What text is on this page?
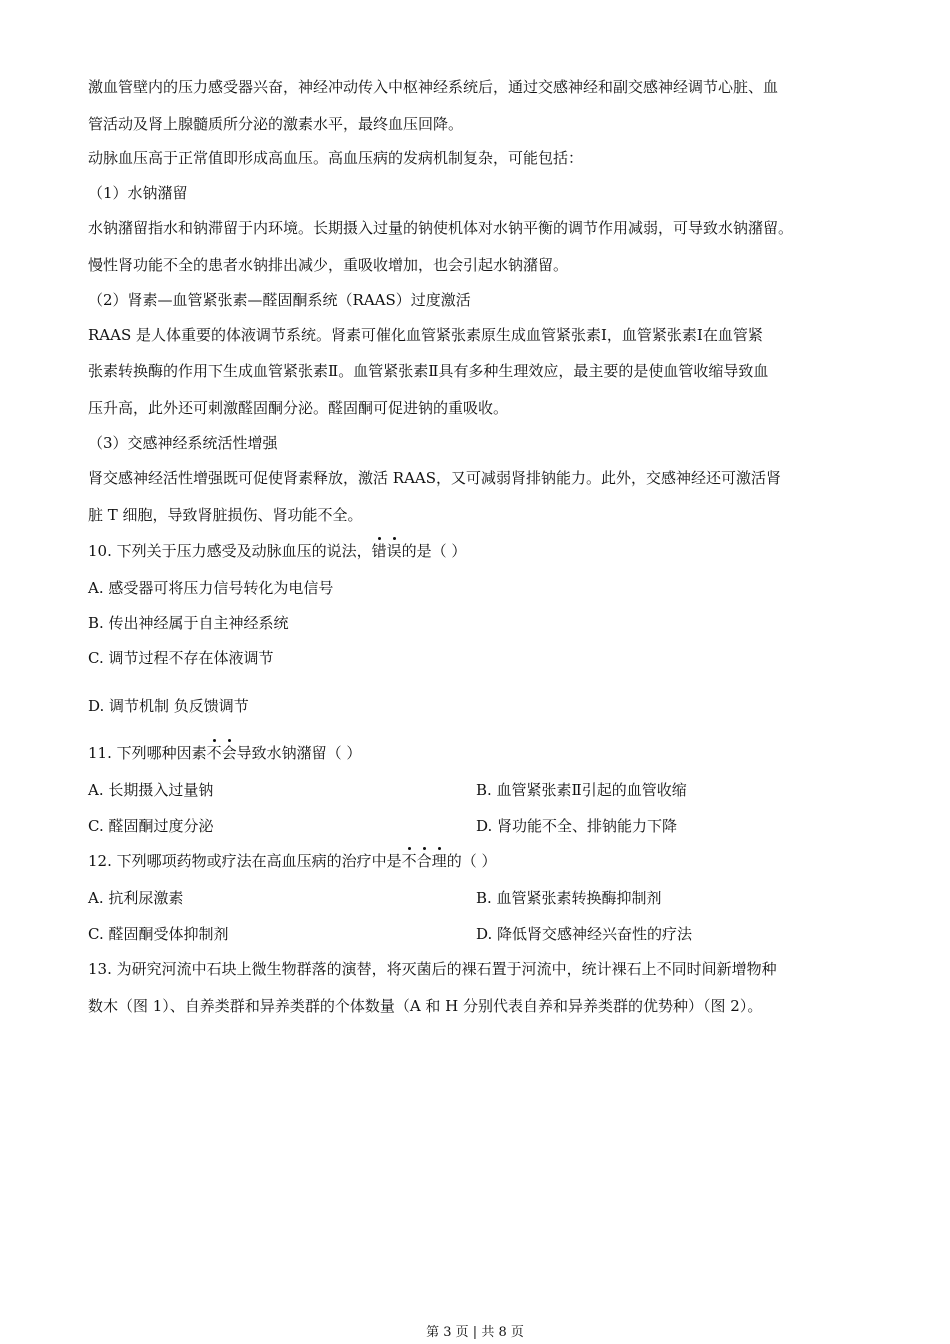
激血管壁内的压力感受器兴奋，神经冲动传入中枢神经系统后，通过交感神经和副交感神经调节心脏、血
管活动及肾上腺髓质所分泌的激素水平，最终血压回降。
动脉血压高于正常值即形成高血压。高血压病的发病机制复杂，可能包括：
（1）水钠潴留
水钠潴留指水和钠滞留于内环境。长期摄入过量的钠使机体对水钠平衡的调节作用减弱，可导致水钠潴留。
慢性肾功能不全的患者水钠排出减少，重吸收增加，也会引起水钠潴留。
（2）肾素—血管紧张素—醛固酮系统（RAAS）过度激活
RAAS 是人体重要的体液调节系统。肾素可催化血管紧张素原生成血管紧张素Ⅰ，血管紧张素Ⅰ在血管紧
张素转换酶的作用下生成血管紧张素Ⅱ。血管紧张素Ⅱ具有多种生理效应，最主要的是使血管收缩导致血
压升高，此外还可刺激醛固酮分泌。醛固酮可促进钠的重吸收。
（3）交感神经系统活性增强
肾交感神经活性增强既可促使肾素释放，激活 RAAS，又可减弱肾排钠能力。此外，交感神经还可激活肾
脏 T 细胞，导致肾脏损伤、肾功能不全。
10. 下列关于压力感受及动脉血压的说法，错误的是（ ）
A. 感受器可将压力信号转化为电信号
B. 传出神经属于自主神经系统
C. 调节过程不存在体液调节
D. 调节机制 负反馈调节
11. 下列哪种因素不会导致水钠潴留（ ）
A. 长期摄入过量钠	B. 血管紧张素Ⅱ引起的血管收缩
C. 醛固酮过度分泌	D. 肾功能不全、排钠能力下降
12. 下列哪项药物或疗法在高血压病的治疗中是不合理的（ ）
A. 抗利尿激素	B. 血管紧张素转换酶抑制剂
C. 醛固酮受体抑制剂	D. 降低肾交感神经兴奋性的疗法
13. 为研究河流中石块上微生物群落的演替，将灭菌后的裸石置于河流中，统计裸石上不同时间新增物种
数木（图 1）、自养类群和异养类群的个体数量（A 和 H 分别代表自养和异养类群的优势种）（图 2）。
第 3 页 | 共 8 页
